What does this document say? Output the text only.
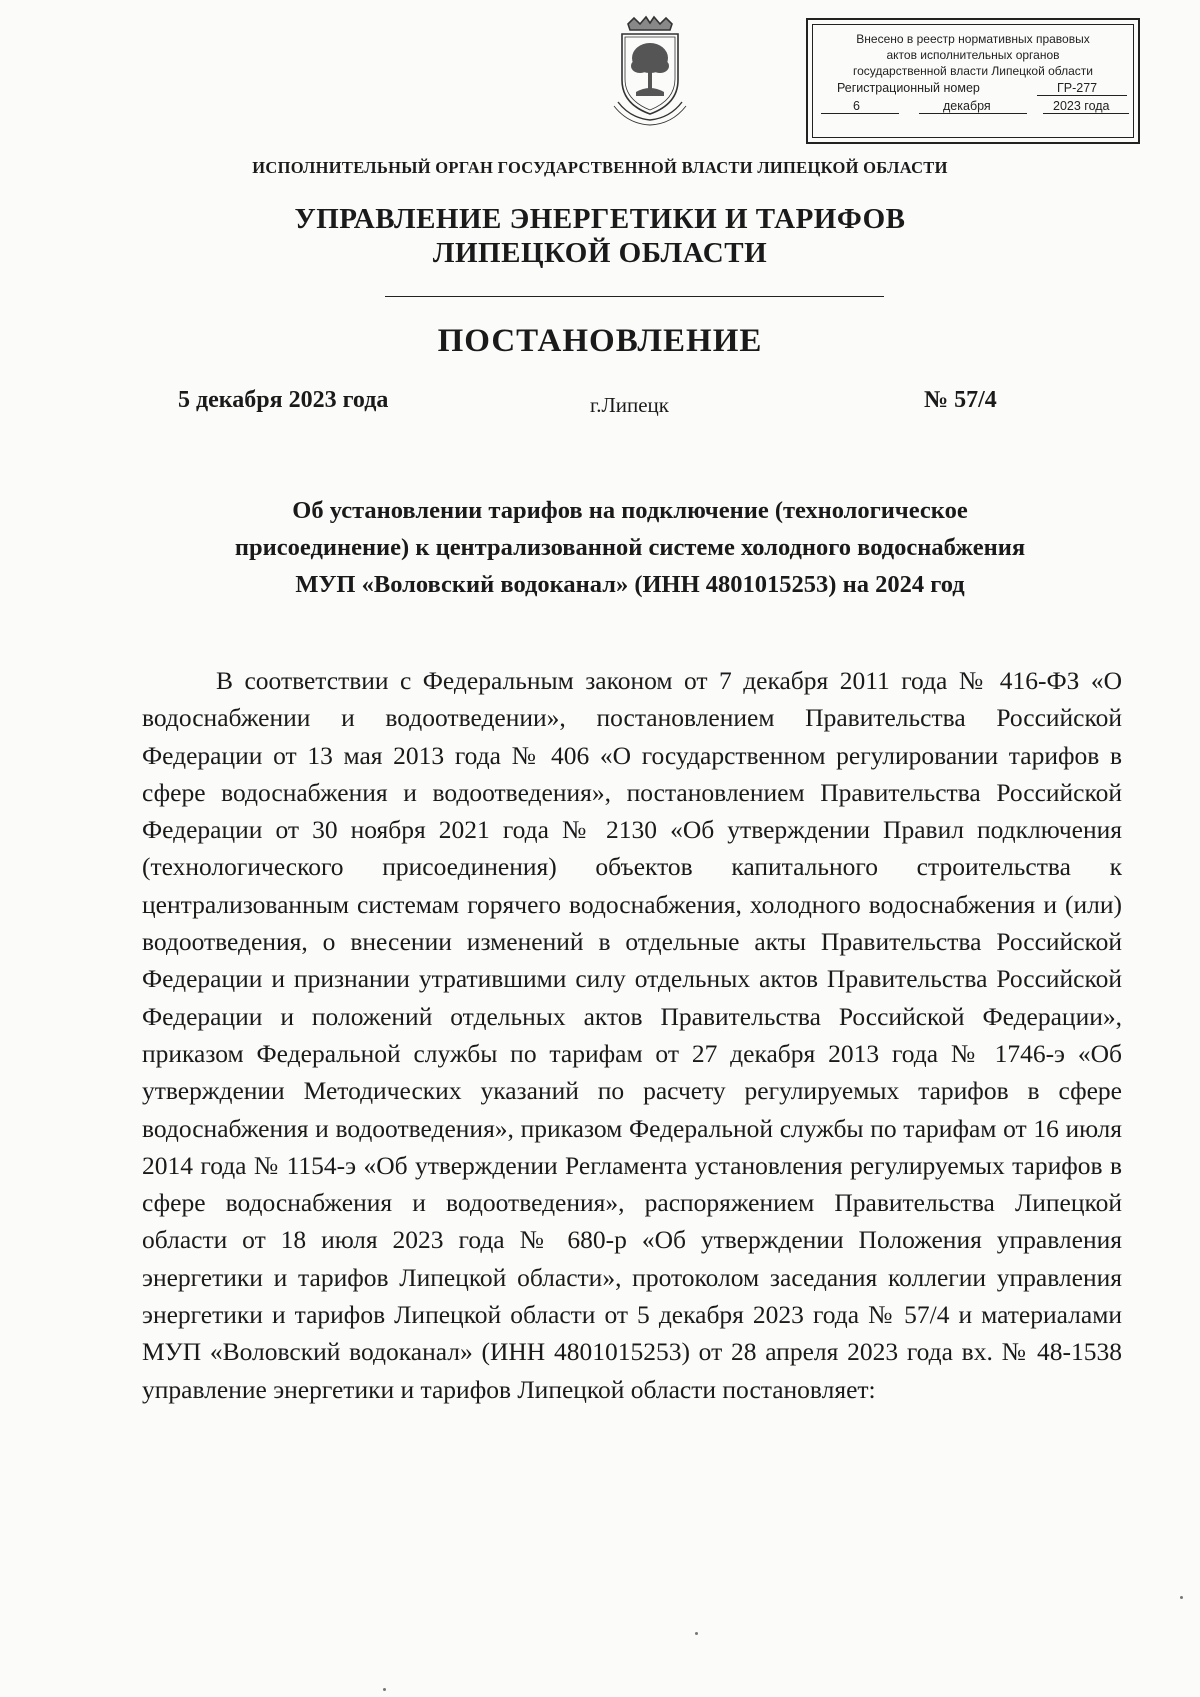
Внесено в реестр нормативных правовых
актов исполнительных органов
государственной власти Липецкой области
Регистрационный номер	ГР-277
6	декабря	2023 года
ИСПОЛНИТЕЛЬНЫЙ ОРГАН ГОСУДАРСТВЕННОЙ ВЛАСТИ ЛИПЕЦКОЙ ОБЛАСТИ
УПРАВЛЕНИЕ ЭНЕРГЕТИКИ И ТАРИФОВ
ЛИПЕЦКОЙ ОБЛАСТИ
ПОСТАНОВЛЕНИЕ
5 декабря 2023 года	г.Липецк	№ 57/4
Об установлении тарифов на подключение (технологическое
присоединение) к централизованной системе холодного водоснабжения
МУП «Воловский водоканал» (ИНН 4801015253) на 2024 год
В соответствии с Федеральным законом от 7 декабря 2011 года № 416-ФЗ «О водоснабжении и водоотведении», постановлением Правительства Российской Федерации от 13 мая 2013 года № 406 «О государственном регулировании тарифов в сфере водоснабжения и водоотведения», постановлением Правительства Российской Федерации от 30 ноября 2021 года № 2130 «Об утверждении Правил подключения (технологического присоединения) объектов капитального строительства к централизованным системам горячего водоснабжения, холодного водоснабжения и (или) водоотведения, о внесении изменений в отдельные акты Правительства Российской Федерации и признании утратившими силу отдельных актов Правительства Российской Федерации и положений отдельных актов Правительства Российской Федерации», приказом Федеральной службы по тарифам от 27 декабря 2013 года № 1746-э «Об утверждении Методических указаний по расчету регулируемых тарифов в сфере водоснабжения и водоотведения», приказом Федеральной службы по тарифам от 16 июля 2014 года № 1154-э «Об утверждении Регламента установления регулируемых тарифов в сфере водоснабжения и водоотведения», распоряжением Правительства Липецкой области от 18 июля 2023 года № 680-р «Об утверждении Положения управления энергетики и тарифов Липецкой области», протоколом заседания коллегии управления энергетики и тарифов Липецкой области от 5 декабря 2023 года № 57/4 и материалами МУП «Воловский водоканал» (ИНН 4801015253) от 28 апреля 2023 года вх. № 48-1538 управление энергетики и тарифов Липецкой области постановляет:
